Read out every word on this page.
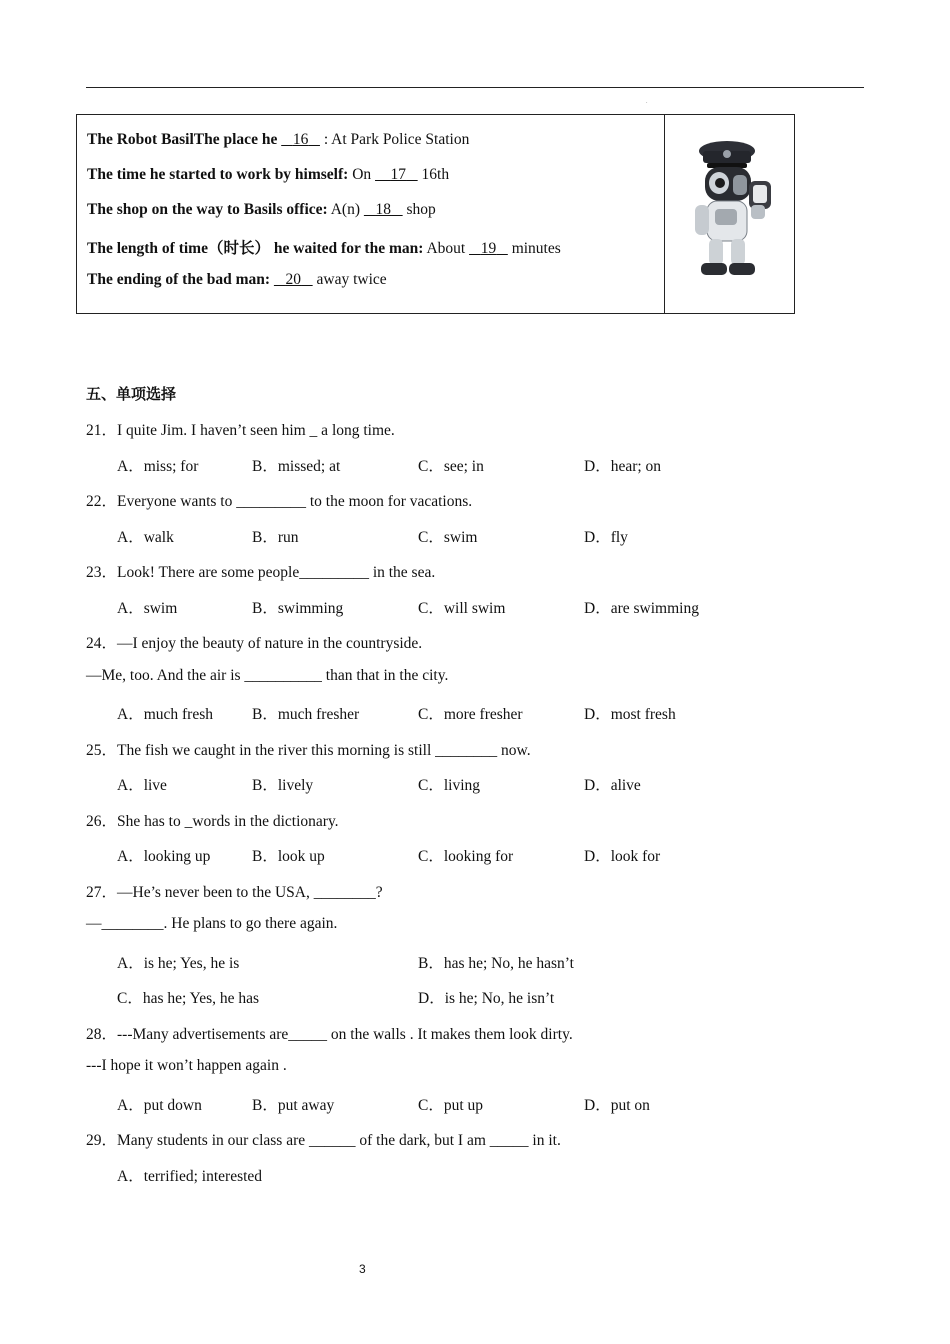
.
The Robot BasilThe place he 16 : At Park Police Station
The time he started to work by himself: On 17 16th
The shop on the way to Basils office: A(n) 18 shop
The length of time（时长） he waited for the man: About 19 minutes
The ending of the bad man: 20 away twice
五、单项选择
21．I quite Jim. I haven’t seen him _ a long time.
A．miss; for	B．missed; at	C．see; in	D．hear; on
22．Everyone wants to _________ to the moon for vacations.
A．walk	B．run	C．swim	D．fly
23．Look! There are some people_________ in the sea.
A．swim	B．swimming	C．will swim	D．are swimming
24．—I enjoy the beauty of nature in the countryside.
—Me, too. And the air is __________ than that in the city.
A．much fresh	B．much fresher	C．more fresher	D．most fresh
25．The fish we caught in the river this morning is still ________ now.
A．live	B．lively	C．living	D．alive
26．She has to _words in the dictionary.
A．looking up	B．look up	C．looking for	D．look for
27．—He’s never been to the USA, ________?
—________. He plans to go there again.
A．is he; Yes, he is	B．has he; No, he hasn’t
C．has he; Yes, he has	D．is he; No, he isn’t
28．---Many advertisements are_____ on the walls . It makes them look dirty.
---I hope it won’t happen again .
A．put down	B．put away	C．put up	D．put on
29．Many students in our class are ______ of the dark, but I am _____ in it.
A．terrified; interested
3
